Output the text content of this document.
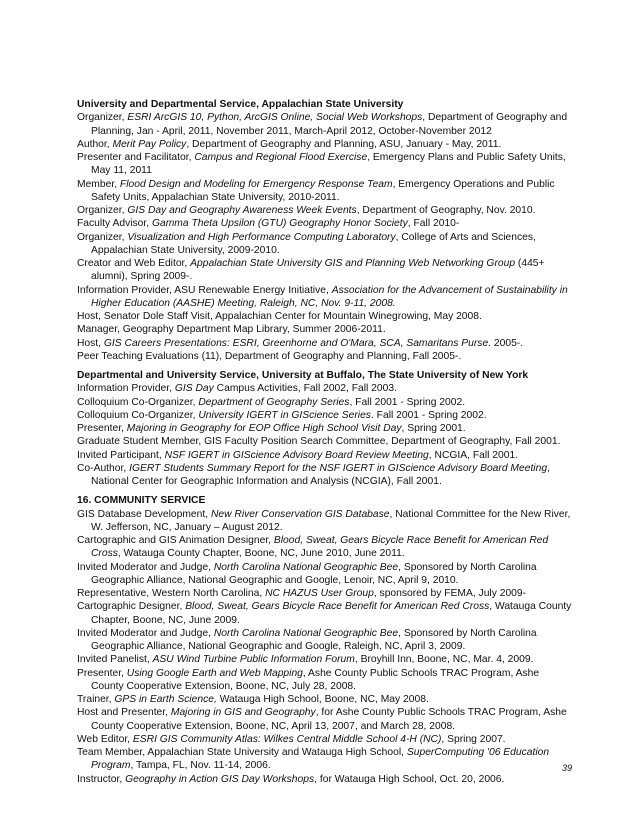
University and Departmental Service, Appalachian State University
Organizer, ESRI ArcGIS 10, Python, ArcGIS Online, Social Web Workshops, Department of Geography and Planning, Jan - April, 2011, November 2011, March-April 2012, October-November 2012
Author, Merit Pay Policy, Department of Geography and Planning, ASU, January - May, 2011.
Presenter and Facilitator, Campus and Regional Flood Exercise, Emergency Plans and Public Safety Units, May 11, 2011
Member, Flood Design and Modeling for Emergency Response Team, Emergency Operations and Public Safety Units, Appalachian State University, 2010-2011.
Organizer, GIS Day and Geography Awareness Week Events, Department of Geography, Nov. 2010.
Faculty Advisor, Gamma Theta Upsilon (GTU) Geography Honor Society, Fall 2010-
Organizer, Visualization and High Performance Computing Laboratory, College of Arts and Sciences, Appalachian State University, 2009-2010.
Creator and Web Editor, Appalachian State University GIS and Planning Web Networking Group (445+ alumni), Spring 2009-.
Information Provider, ASU Renewable Energy Initiative, Association for the Advancement of Sustainability in Higher Education (AASHE) Meeting, Raleigh, NC, Nov. 9-11, 2008.
Host, Senator Dole Staff Visit, Appalachian Center for Mountain Winegrowing, May 2008.
Manager, Geography Department Map Library, Summer 2006-2011.
Host, GIS Careers Presentations: ESRI, Greenhorne and O'Mara, SCA, Samaritans Purse. 2005-.
Peer Teaching Evaluations (11), Department of Geography and Planning, Fall 2005-.
Departmental and University Service, University at Buffalo, The State University of New York
Information Provider, GIS Day Campus Activities, Fall 2002, Fall 2003.
Colloquium Co-Organizer, Department of Geography Series, Fall 2001 - Spring 2002.
Colloquium Co-Organizer, University IGERT in GIScience Series. Fall 2001 - Spring 2002.
Presenter, Majoring in Geography for EOP Office High School Visit Day, Spring 2001.
Graduate Student Member, GIS Faculty Position Search Committee, Department of Geography, Fall 2001.
Invited Participant, NSF IGERT in GIScience Advisory Board Review Meeting, NCGIA, Fall 2001.
Co-Author, IGERT Students Summary Report for the NSF IGERT in GIScience Advisory Board Meeting, National Center for Geographic Information and Analysis (NCGIA), Fall 2001.
16. COMMUNITY SERVICE
GIS Database Development, New River Conservation GIS Database, National Committee for the New River, W. Jefferson, NC, January – August 2012.
Cartographic and GIS Animation Designer, Blood, Sweat, Gears Bicycle Race Benefit for American Red Cross, Watauga County Chapter, Boone, NC, June 2010, June 2011.
Invited Moderator and Judge, North Carolina National Geographic Bee, Sponsored by North Carolina Geographic Alliance, National Geographic and Google, Lenoir, NC, April 9, 2010.
Representative, Western North Carolina, NC HAZUS User Group, sponsored by FEMA, July 2009-
Cartographic Designer, Blood, Sweat, Gears Bicycle Race Benefit for American Red Cross, Watauga County Chapter, Boone, NC, June 2009.
Invited Moderator and Judge, North Carolina National Geographic Bee, Sponsored by North Carolina Geographic Alliance, National Geographic and Google, Raleigh, NC, April 3, 2009.
Invited Panelist, ASU Wind Turbine Public Information Forum, Broyhill Inn, Boone, NC, Mar. 4, 2009.
Presenter, Using Google Earth and Web Mapping, Ashe County Public Schools TRAC Program, Ashe County Cooperative Extension, Boone, NC, July 28, 2008.
Trainer, GPS in Earth Science, Watauga High School, Boone, NC, May 2008.
Host and Presenter, Majoring in GIS and Geography, for Ashe County Public Schools TRAC Program, Ashe County Cooperative Extension, Boone, NC, April 13, 2007, and March 28, 2008.
Web Editor, ESRI GIS Community Atlas: Wilkes Central Middle School 4-H (NC), Spring 2007.
Team Member, Appalachian State University and Watauga High School, SuperComputing '06 Education Program, Tampa, FL, Nov. 11-14, 2006.
Instructor, Geography in Action GIS Day Workshops, for Watauga High School, Oct. 20, 2006.
39
